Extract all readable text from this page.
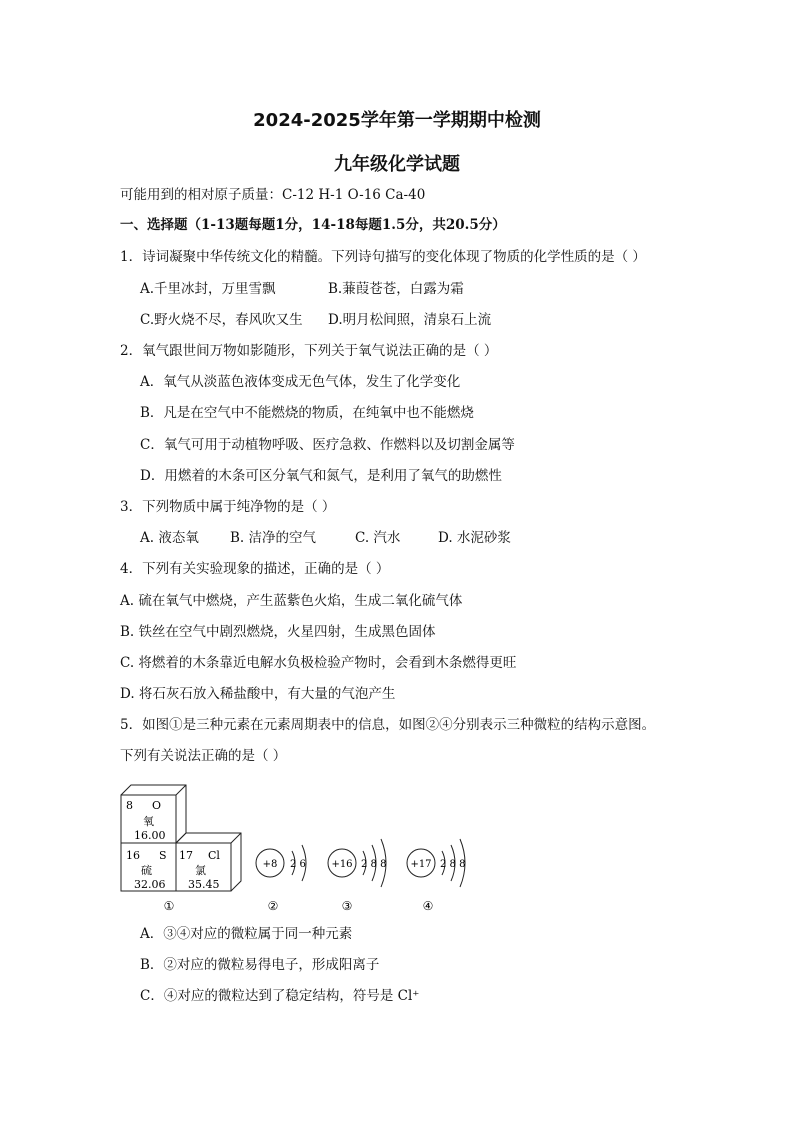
2024-2025学年第一学期期中检测
九年级化学试题
可能用到的相对原子质量：C-12 H-1 O-16 Ca-40
一、选择题（1-13题每题1分，14-18每题1.5分，共20.5分）
1．诗词凝聚中华传统文化的精髓。下列诗句描写的变化体现了物质的化学性质的是（ ）
A.千里冰封，万里雪飘	B.蒹葭苍苍，白露为霜
C.野火烧不尽，春风吹又生 D.明月松间照，清泉石上流
2．氧气跟世间万物如影随形，下列关于氧气说法正确的是（ ）
A．氧气从淡蓝色液体变成无色气体，发生了化学变化
B．凡是在空气中不能燃烧的物质，在纯氧中也不能燃烧
C．氧气可用于动植物呼吸、医疗急救、作燃料以及切割金属等
D．用燃着的木条可区分氧气和氮气，是利用了氧气的助燃性
3．下列物质中属于纯净物的是（ ）
A. 液态氧 B. 洁净的空气	C. 汽水	D. 水泥砂浆
4．下列有关实验现象的描述，正确的是（ ）
A. 硫在氧气中燃烧，产生蓝紫色火焰，生成二氧化硫气体
B. 铁丝在空气中剧烈燃烧，火星四射，生成黑色固体
C. 将燃着的木条靠近电解水负极检验产物时，会看到木条燃得更旺
D. 将石灰石放入稀盐酸中，有大量的气泡产生
5．如图①是三种元素在元素周期表中的信息，如图②④分别表示三种微粒的结构示意图。
下列有关说法正确的是（ ）
8 O
氧
16.00
16 S
硫
32.06
17 Cl
氯
35.45
+8 2 6	+16 2 8 8 +17 2 8 8
①	②	③	④
A．③④对应的微粒属于同一种元素
B．②对应的微粒易得电子，形成阳离子
C．④对应的微粒达到了稳定结构，符号是 Cl⁺
